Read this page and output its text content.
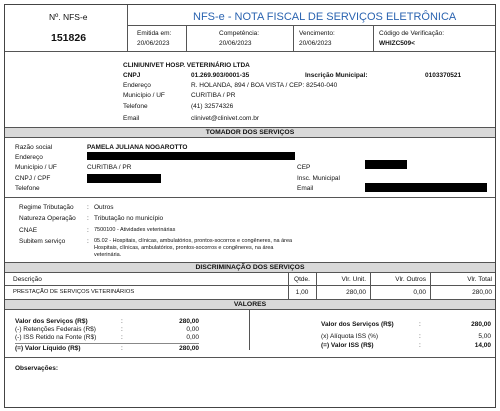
Nº. NFS-e
151826
NFS-e - NOTA FISCAL DE SERVIÇOS ELETRÔNICA
Emitida em:
20/06/2023
Competência:
20/06/2023
Vencimento:
20/06/2023
Código de Verificação:
WHIZC509<
CLINIUNIVET HOSP. VETERINÁRIO LTDA
CNPJ	01.269.903/0001-35	Inscrição Municipal:	0103370521
Endereço	R. HOLANDA, 894 / BOA VISTA / CEP: 82540-040
Município / UF	CURITIBA / PR
Telefone	(41) 32574326
Email	clinivet@clinivet.com.br
TOMADOR DOS SERVIÇOS
Razão social	PAMELA JULIANA NOGAROTTO
Endereço
Município / UF	CURITIBA / PR
CNPJ / CPF
Telefone
CEP
Insc. Municipal
Email
Regime Tributação : Outros
Natureza Operação : Tributação no município
CNAE	: 7500100 - Atividades veterinárias
Subitem serviço	: 05.02 - Hospitais, clínicas, ambulatórios, prontos-socorros e congêneres, na área
Hospitais, clínicas, ambulatórios, prontos-socorros e congêneres, na área
veterinária.
DISCRIMINAÇÃO DOS SERVIÇOS
Descrição	Qtde.	Vlr. Unit.	Vlr. Outros	Vlr. Total
PRESTAÇÃO DE SERVIÇOS VETERINÁRIOS	1,00	280,00	0,00	280,00
VALORES
Valor dos Serviços (R$)	:	280,00
(-) Retenções Federais (R$)	:	0,00
(-) ISS Retido na Fonte (R$)	:	0,00
(=) Valor Líquido (R$)	:	280,00
Valor dos Serviços (R$)	:	280,00
(x) Alíquota ISS (%)	:	5,00
(=) Valor ISS (R$)	:	14,00
Observações:
